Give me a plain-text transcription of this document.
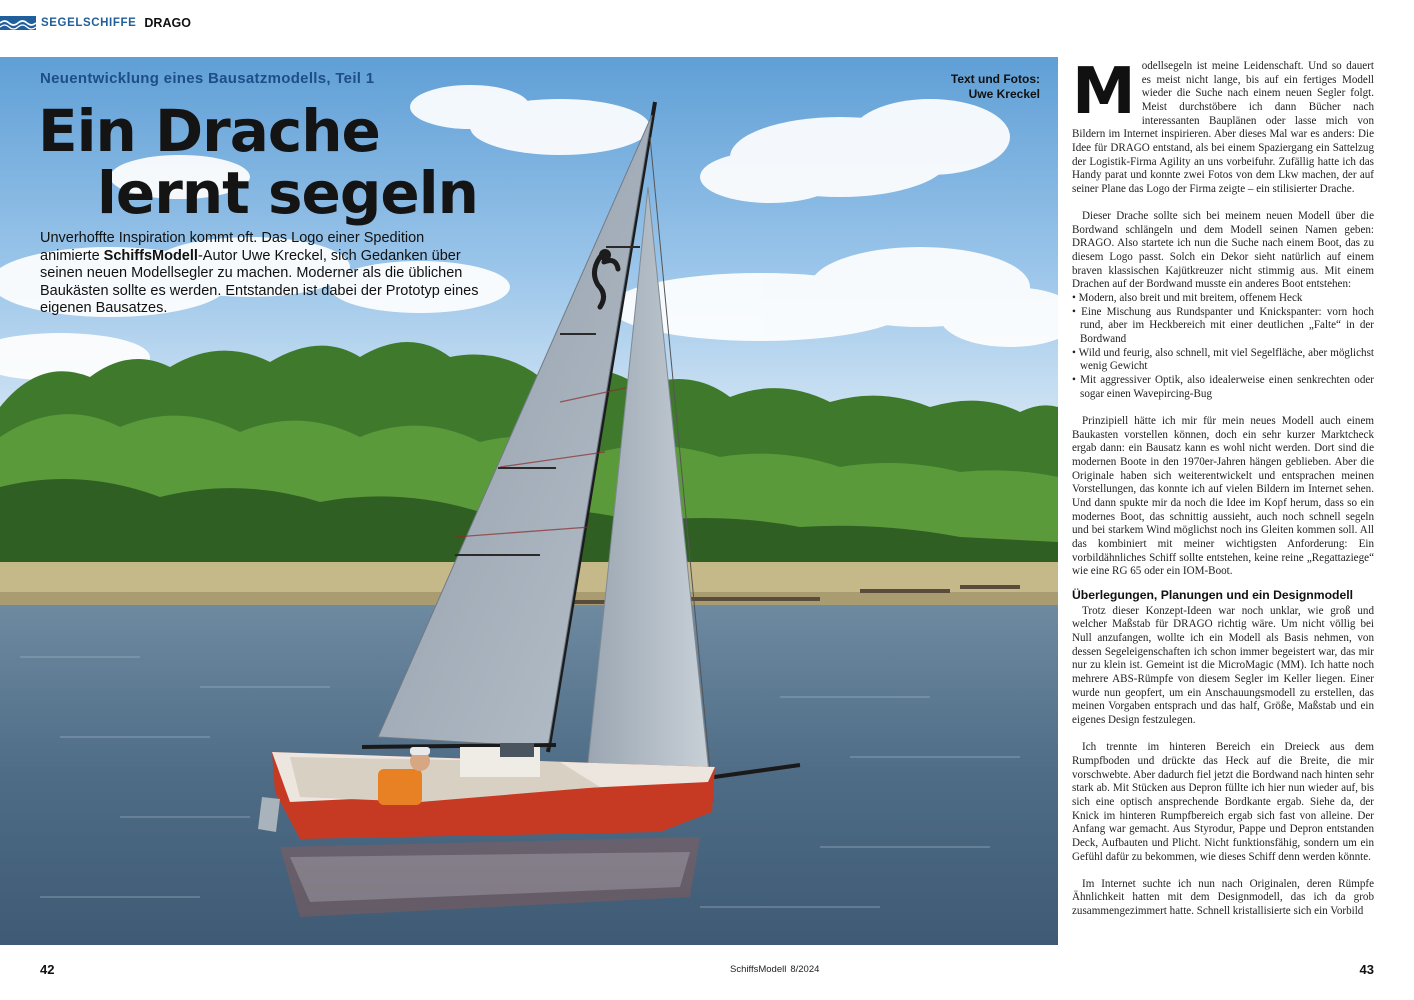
SEGELSCHIFFE DRAGO
Neuentwicklung eines Bausatzmodells, Teil 1	Text und Fotos:
Uwe Kreckel
Ein Drache
lernt segeln
Unverhoffte Inspiration kommt oft. Das Logo einer Spedition animierte SchiffsModell-Autor Uwe Kreckel, sich Gedanken über seinen neuen Modellsegler zu machen. Moderner als die üblichen Baukästen sollte es werden. Entstanden ist dabei der Prototyp eines eigenen Bausatzes.

Modellsegeln ist meine Leidenschaft. Und so dauert es meist nicht lange, bis auf ein fertiges Modell wieder die Suche nach einem neuen Segler folgt. Meist durchstöbere ich dann Bücher nach interessanten Bauplänen oder lasse mich von Bildern im Internet inspirieren. Aber dieses Mal war es anders: Die Idee für DRAGO entstand, als bei einem Spaziergang ein Sattelzug der Logistik-Firma Agility an uns vorbeifuhr. Zufällig hatte ich das Handy parat und konnte zwei Fotos von dem Lkw machen, der auf seiner Plane das Logo der Firma zeigte – ein stilisierter Drache.

Dieser Drache sollte sich bei meinem neuen Modell über die Bordwand schlängeln und dem Modell seinen Namen geben: DRAGO. Also startete ich nun die Suche nach einem Boot, das zu diesem Logo passt. Solch ein Dekor sieht natürlich auf einem braven klassischen Kajütkreuzer nicht stimmig aus. Mit einem Drachen auf der Bordwand musste ein anderes Boot entstehen:

• Modern, also breit und mit breitem, offenem Heck
• Eine Mischung aus Rundspanter und Knickspanter: vorn hoch rund, aber im Heckbereich mit einer deutlichen „Falte“ in der Bordwand
• Wild und feurig, also schnell, mit viel Segelfläche, aber möglichst wenig Gewicht
• Mit aggressiver Optik, also idealerweise einen senkrechten oder sogar einen Wavepircing-Bug

Prinzipiell hätte ich mir für mein neues Modell auch einem Baukasten vorstellen können, doch ein sehr kurzer Marktcheck ergab dann: ein Bausatz kann es wohl nicht werden. Dort sind die modernen Boote in den 1970er-Jahren hängen geblieben. Aber die Originale haben sich weiterentwickelt und entsprachen meinen Vorstellungen, das konnte ich auf vielen Bildern im Internet sehen. Und dann spukte mir da noch die Idee im Kopf herum, dass so ein modernes Boot, das schnittig aussieht, auch noch schnell segeln und bei starkem Wind möglichst noch ins Gleiten kommen soll. All das kombiniert mit meiner wichtigsten Anforderung: Ein vorbildähnliches Schiff sollte entstehen, keine reine „Regattaziege“ wie eine RG 65 oder ein IOM-Boot.

Überlegungen, Planungen und ein Designmodell

Trotz dieser Konzept-Ideen war noch unklar, wie groß und welcher Maßstab für DRAGO richtig wäre. Um nicht völlig bei Null anzufangen, wollte ich ein Modell als Basis nehmen, von dessen Segeleigenschaften ich schon immer begeistert war, das mir nur zu klein ist. Gemeint ist die MicroMagic (MM). Ich hatte noch mehrere ABS-Rümpfe von diesem Segler im Keller liegen. Einer wurde nun geopfert, um ein Anschauungsmodell zu erstellen, das meinen Vorgaben entsprach und das half, Größe, Maßstab und ein eigenes Design festzulegen.

Ich trennte im hinteren Bereich ein Dreieck aus dem Rumpfboden und drückte das Heck auf die Breite, die mir vorschwebte. Aber dadurch fiel jetzt die Bordwand nach hinten sehr stark ab. Mit Stücken aus Depron füllte ich hier nun wieder auf, bis sich eine optisch ansprechende Bordkante ergab. Siehe da, der Knick im hinteren Rumpfbereich ergab sich fast von alleine. Der Anfang war gemacht. Aus Styrodur, Pappe und Depron entstanden Deck, Aufbauten und Plicht. Nicht funktionsfähig, sondern um ein Gefühl dafür zu bekommen, wie dieses Schiff denn werden könnte.

Im Internet suchte ich nun nach Originalen, deren Rümpfe Ähnlichkeit hatten mit dem Designmodell, das ich da grob zusammengezimmert hatte. Schnell kristallisierte sich ein Vorbild

42	SchiffsModell 8/2024	43
